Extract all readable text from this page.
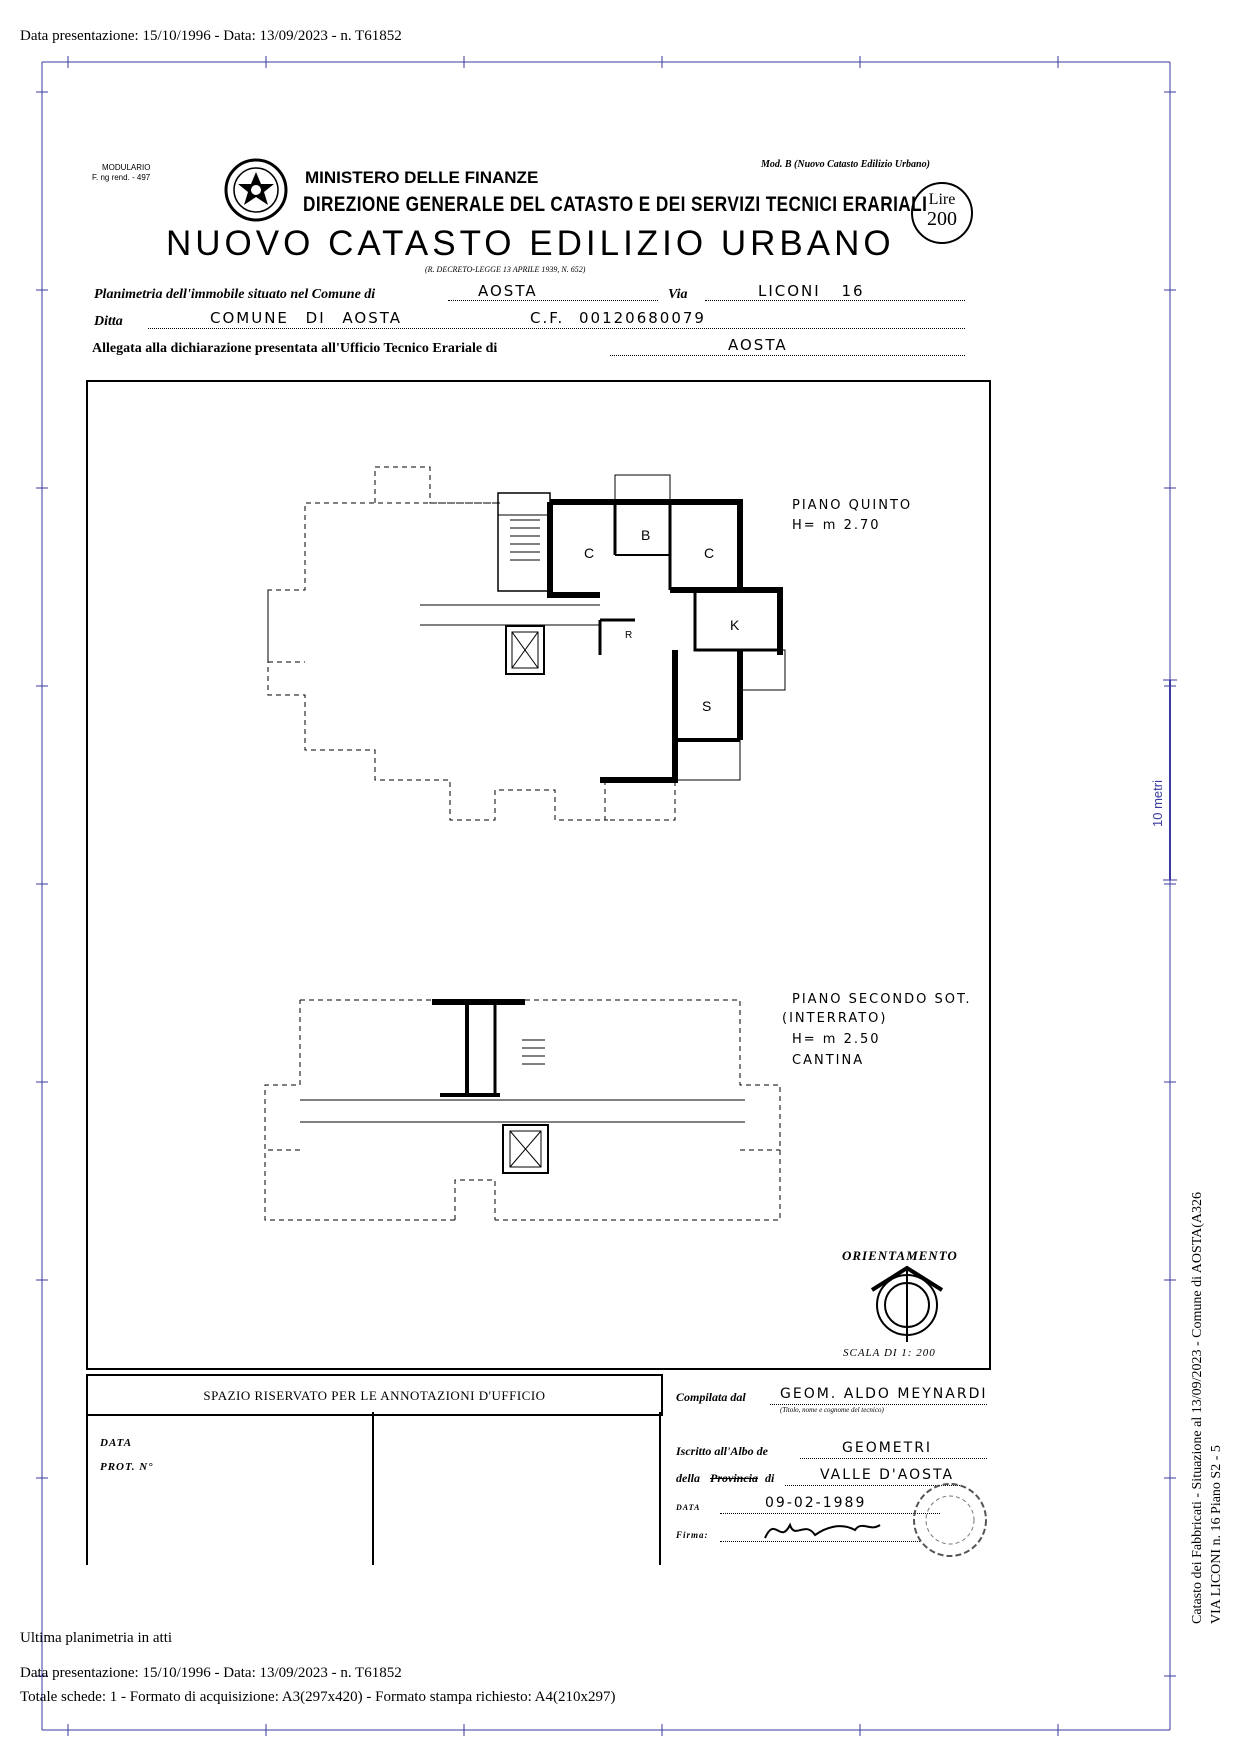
Data presentazione: 15/10/1996 - Data: 13/09/2023 - n. T61852
MODULARIO
F. ng rend. - 497	MINISTERO DELLE FINANZE
DIREZIONE GENERALE DEL CATASTO E DEI SERVIZI TECNICI ERARIALI
NUOVO CATASTO EDILIZIO URBANO
(R. DECRETO-LEGGE 13 APRILE 1939, N. 652)
Mod. B (Nuovo Catasto Edilizio Urbano)
Lire
200
Planimetria dell'immobile situato nel Comune di	AOSTA	Via	LICONI 16
Ditta	COMUNE DI AOSTA	C.F. 00120680079
Allegata alla dichiarazione presentata all'Ufficio Tecnico Erariale di	AOSTA
C
B
C
K
R
S
PIANO QUINTO
H= m 2.70
PIANO SECONDO SOT.
(INTERRATO)
H= m 2.50
CANTINA
ORIENTAMENTO
SCALA DI 1: 200
SPAZIO RISERVATO PER LE ANNOTAZIONI D'UFFICIO
DATA
PROT. N°
Compilata dal GEOM. ALDO MEYNARDI
(Titolo, nome e cognome del tecnico)
Iscritto all'Albo de	GEOMETRI
della Provincia di	VALLE D'AOSTA
DATA	09-02-1989
Firma:
10 metri
Catasto dei Fabbricati - Situazione al 13/09/2023 - Comune di AOSTA(A326 VIA LICONI n. 16 Piano S2 - 5
Ultima planimetria in atti
Data presentazione: 15/10/1996 - Data: 13/09/2023 - n. T61852
Totale schede: 1 - Formato di acquisizione: A3(297x420) - Formato stampa richiesto: A4(210x297)
